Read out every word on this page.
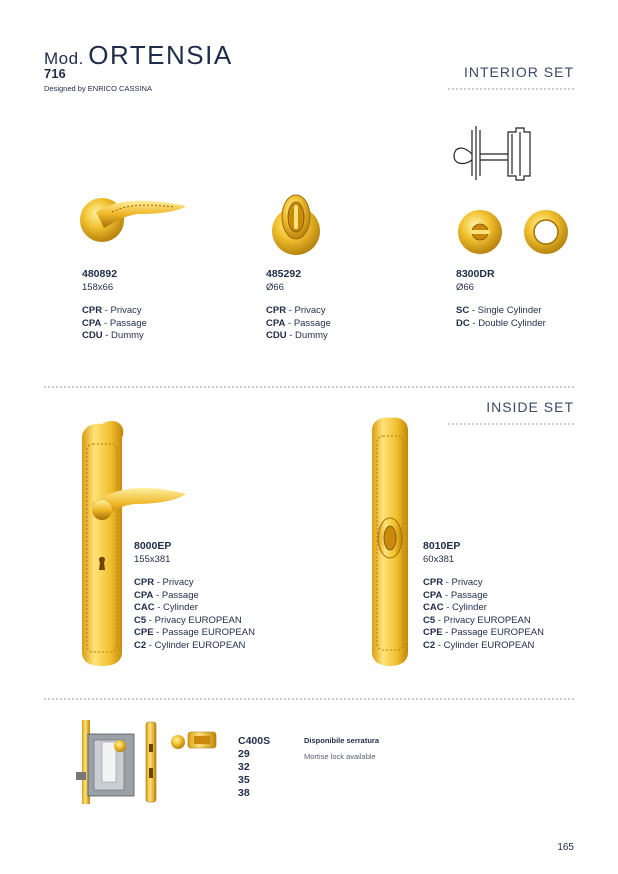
Mod. ORTENSIA
716
Designed by ENRICO CASSINA
INTERIOR SET
480892
158x66
CPR - Privacy
CPA - Passage
CDU - Dummy
485292
Ø66
CPR - Privacy
CPA - Passage
CDU - Dummy
8300DR
Ø66
SC - Single Cylinder
DC - Double Cylinder
INSIDE SET
8000EP
155x381
CPR - Privacy
CPA - Passage
CAC - Cylinder
C5 - Privacy EUROPEAN
CPE - Passage EUROPEAN
C2 - Cylinder EUROPEAN
8010EP
60x381
CPR - Privacy
CPA - Passage
CAC - Cylinder
C5 - Privacy EUROPEAN
CPE - Passage EUROPEAN
C2 - Cylinder EUROPEAN
C400S
29
32
35
38
Disponibile serratura
Mortise lock available
165
